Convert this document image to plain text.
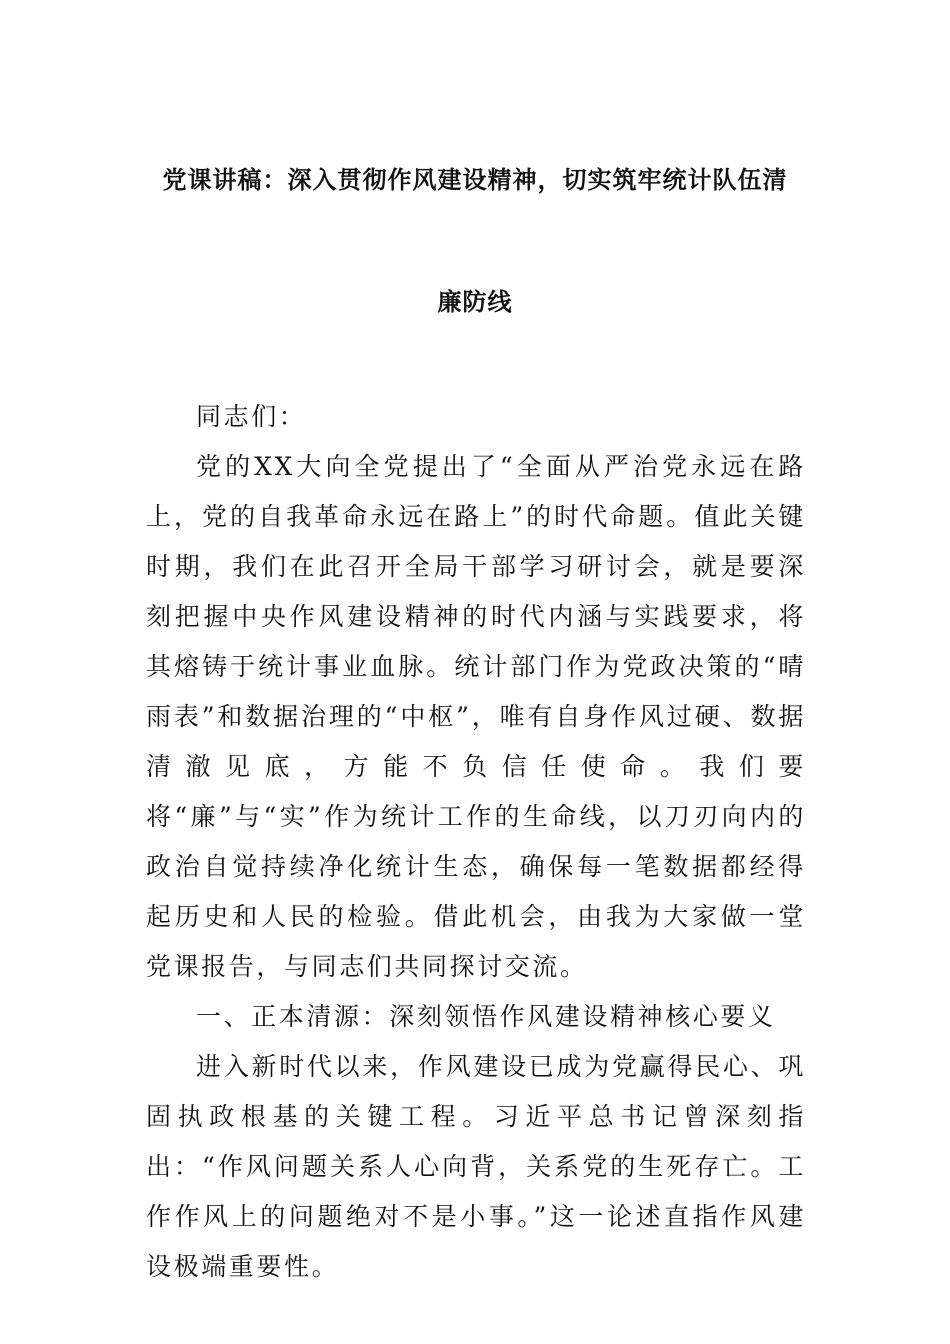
党课讲稿：深入贯彻作风建设精神，切实筑牢统计队伍清
廉防线

同志们：

党的XX大向全党提出了“全面从严治党永远在路上，党的自我革命永远在路上”的时代命题。值此关键时期，我们在此召开全局干部学习研讨会，就是要深刻把握中央作风建设精神的时代内涵与实践要求，将其熔铸于统计事业血脉。统计部门作为党政决策的“晴雨表”和数据治理的“中枢”，唯有自身作风过硬、数据清澈见底，方能不负信任使命。我们要将“廉”与“实”作为统计工作的生命线，以刀刃向内的政治自觉持续净化统计生态，确保每一笔数据都经得起历史和人民的检验。借此机会，由我为大家做一堂党课报告，与同志们共同探讨交流。

一、正本清源：深刻领悟作风建设精神核心要义

进入新时代以来，作风建设已成为党赢得民心、巩固执政根基的关键工程。习近平总书记曾深刻指出：“作风问题关系人心向背，关系党的生死存亡。工作作风上的问题绝对不是小事。”这一论述直指作风建设极端重要性。
